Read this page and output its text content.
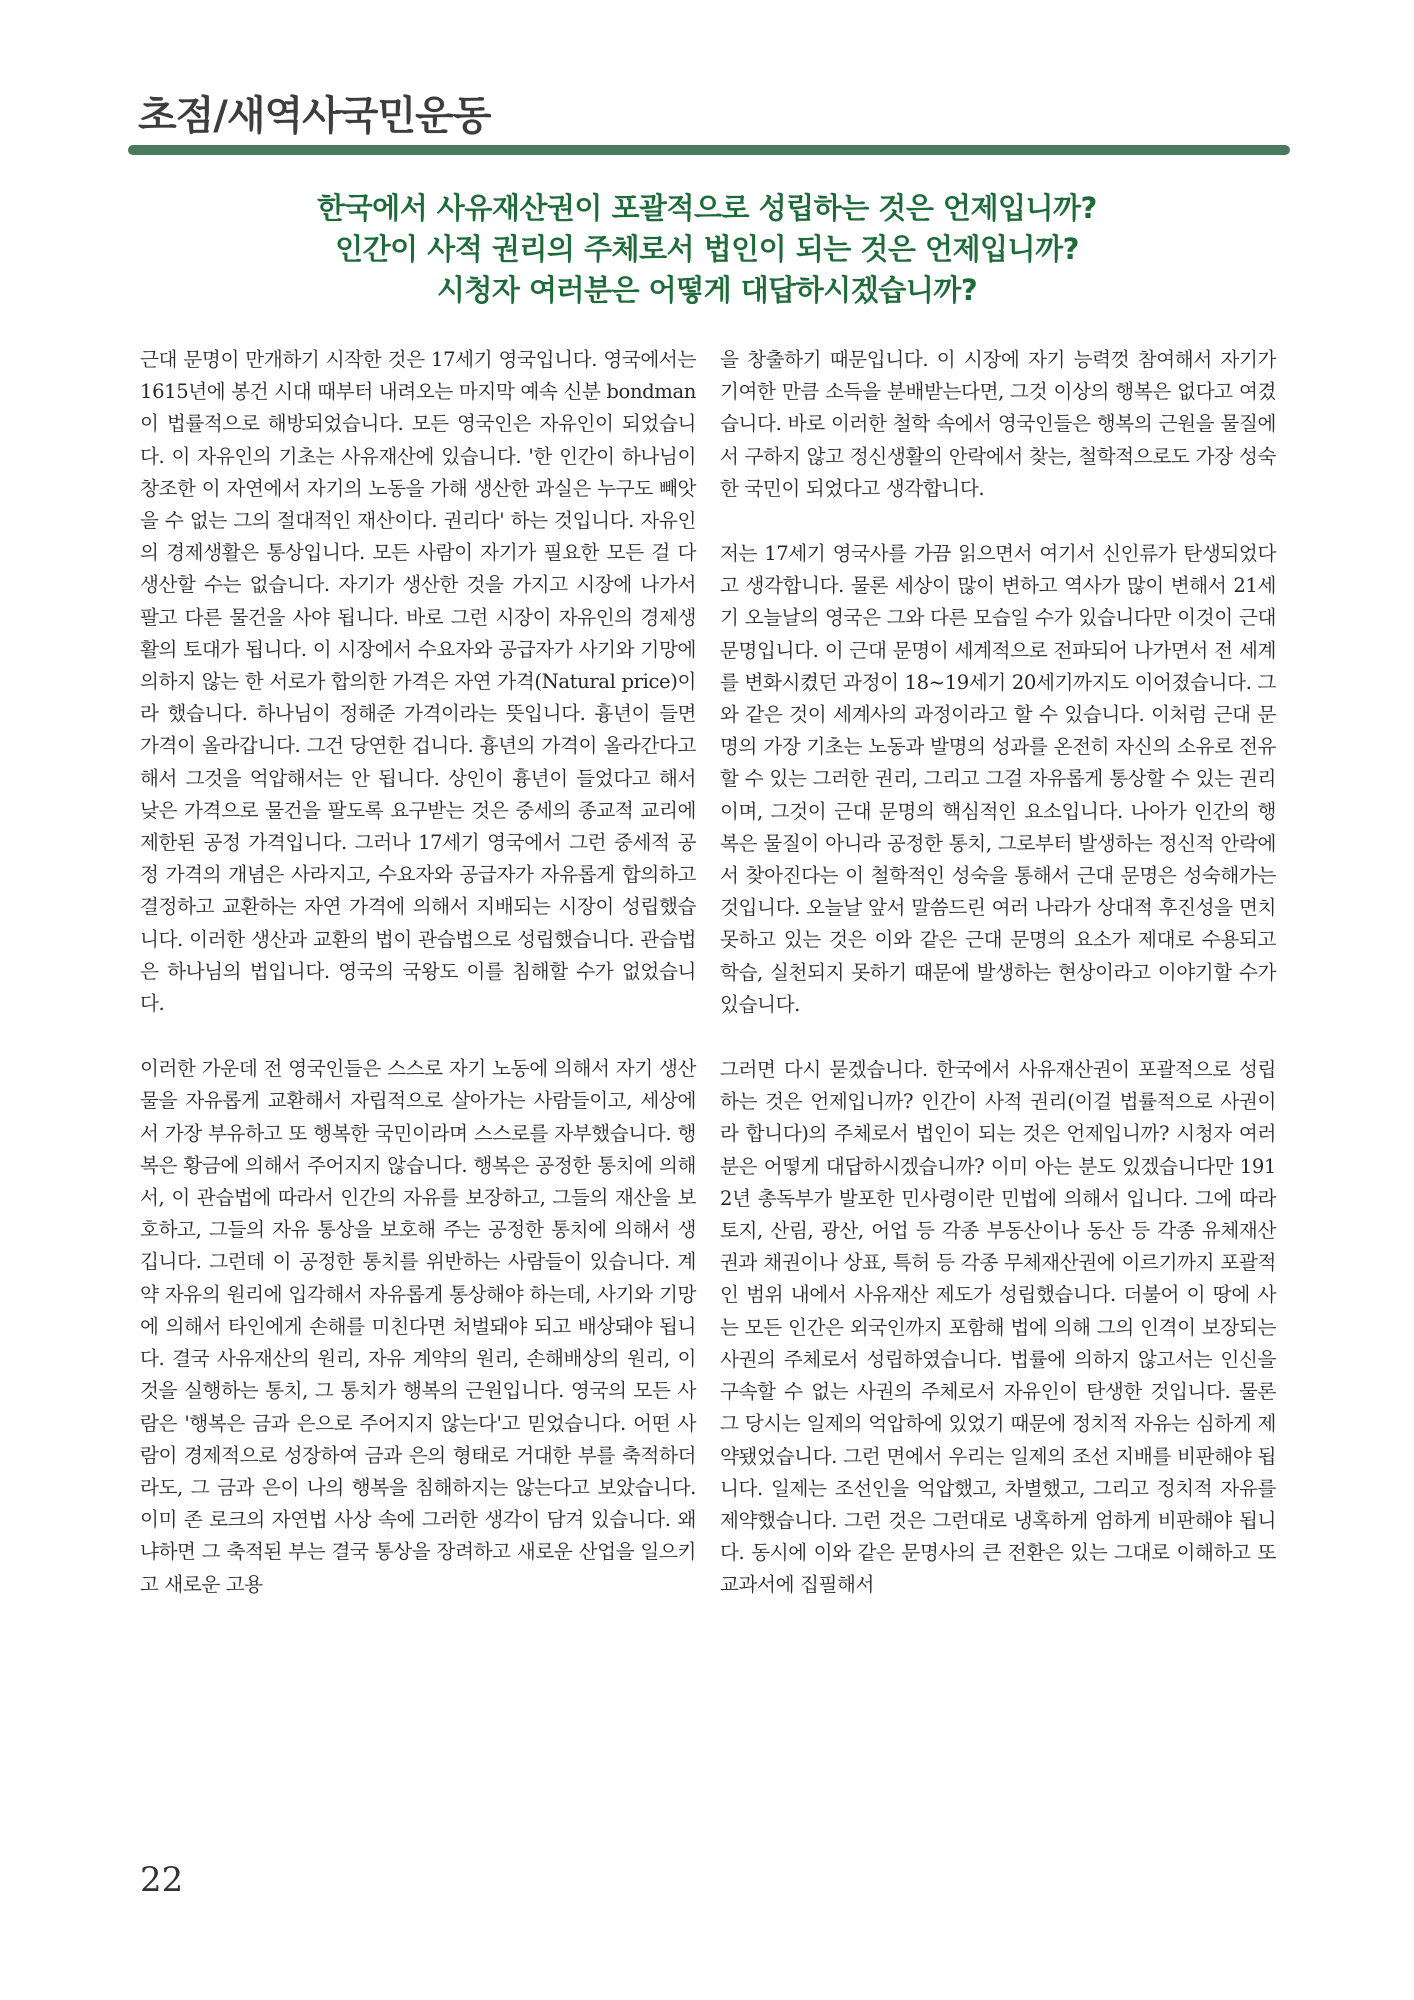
초점/새역사국민운동
한국에서 사유재산권이 포괄적으로 성립하는 것은 언제입니까?
인간이 사적 권리의 주체로서 법인이 되는 것은 언제입니까?
시청자 여러분은 어떻게 대답하시겠습니까?

근대 문명이 만개하기 시작한 것은 17세기 영국입니다. 영국에서는 1615년에 봉건 시대 때부터 내려오는 마지막 예속 신분 bondman이 법률적으로 해방되었습니다. 모든 영국인은 자유인이 되었습니다. 이 자유인의 기초는 사유재산에 있습니다. '한 인간이 하나님이 창조한 이 자연에서 자기의 노동을 가해 생산한 과실은 누구도 빼앗을 수 없는 그의 절대적인 재산이다. 권리다' 하는 것입니다. 자유인의 경제생활은 통상입니다. 모든 사람이 자기가 필요한 모든 걸 다 생산할 수는 없습니다. 자기가 생산한 것을 가지고 시장에 나가서 팔고 다른 물건을 사야 됩니다. 바로 그런 시장이 자유인의 경제생활의 토대가 됩니다. 이 시장에서 수요자와 공급자가 사기와 기망에 의하지 않는 한 서로가 합의한 가격은 자연 가격(Natural price)이라 했습니다. 하나님이 정해준 가격이라는 뜻입니다. 흉년이 들면 가격이 올라갑니다. 그건 당연한 겁니다. 흉년의 가격이 올라간다고 해서 그것을 억압해서는 안 됩니다. 상인이 흉년이 들었다고 해서 낮은 가격으로 물건을 팔도록 요구받는 것은 중세의 종교적 교리에 제한된 공정 가격입니다. 그러나 17세기 영국에서 그런 중세적 공정 가격의 개념은 사라지고, 수요자와 공급자가 자유롭게 합의하고 결정하고 교환하는 자연 가격에 의해서 지배되는 시장이 성립했습니다. 이러한 생산과 교환의 법이 관습법으로 성립했습니다. 관습법은 하나님의 법입니다. 영국의 국왕도 이를 침해할 수가 없었습니다.

이러한 가운데 전 영국인들은 스스로 자기 노동에 의해서 자기 생산물을 자유롭게 교환해서 자립적으로 살아가는 사람들이고, 세상에서 가장 부유하고 또 행복한 국민이라며 스스로를 자부했습니다. 행복은 황금에 의해서 주어지지 않습니다. 행복은 공정한 통치에 의해서, 이 관습법에 따라서 인간의 자유를 보장하고, 그들의 재산을 보호하고, 그들의 자유 통상을 보호해 주는 공정한 통치에 의해서 생깁니다. 그런데 이 공정한 통치를 위반하는 사람들이 있습니다. 계약 자유의 원리에 입각해서 자유롭게 통상해야 하는데, 사기와 기망에 의해서 타인에게 손해를 미친다면 처벌돼야 되고 배상돼야 됩니다. 결국 사유재산의 원리, 자유 계약의 원리, 손해배상의 원리, 이것을 실행하는 통치, 그 통치가 행복의 근원입니다. 영국의 모든 사람은 '행복은 금과 은으로 주어지지 않는다'고 믿었습니다. 어떤 사람이 경제적으로 성장하여 금과 은의 형태로 거대한 부를 축적하더라도, 그 금과 은이 나의 행복을 침해하지는 않는다고 보았습니다. 이미 존 로크의 자연법 사상 속에 그러한 생각이 담겨 있습니다. 왜냐하면 그 축적된 부는 결국 통상을 장려하고 새로운 산업을 일으키고 새로운 고용

을 창출하기 때문입니다. 이 시장에 자기 능력껏 참여해서 자기가 기여한 만큼 소득을 분배받는다면, 그것 이상의 행복은 없다고 여겼습니다. 바로 이러한 철학 속에서 영국인들은 행복의 근원을 물질에서 구하지 않고 정신생활의 안락에서 찾는, 철학적으로도 가장 성숙한 국민이 되었다고 생각합니다.

저는 17세기 영국사를 가끔 읽으면서 여기서 신인류가 탄생되었다고 생각합니다. 물론 세상이 많이 변하고 역사가 많이 변해서 21세기 오늘날의 영국은 그와 다른 모습일 수가 있습니다만 이것이 근대 문명입니다. 이 근대 문명이 세계적으로 전파되어 나가면서 전 세계를 변화시켰던 과정이 18~19세기 20세기까지도 이어졌습니다. 그와 같은 것이 세계사의 과정이라고 할 수 있습니다. 이처럼 근대 문명의 가장 기초는 노동과 발명의 성과를 온전히 자신의 소유로 전유할 수 있는 그러한 권리, 그리고 그걸 자유롭게 통상할 수 있는 권리이며, 그것이 근대 문명의 핵심적인 요소입니다. 나아가 인간의 행복은 물질이 아니라 공정한 통치, 그로부터 발생하는 정신적 안락에서 찾아진다는 이 철학적인 성숙을 통해서 근대 문명은 성숙해가는 것입니다. 오늘날 앞서 말씀드린 여러 나라가 상대적 후진성을 면치 못하고 있는 것은 이와 같은 근대 문명의 요소가 제대로 수용되고 학습, 실천되지 못하기 때문에 발생하는 현상이라고 이야기할 수가 있습니다.

그러면 다시 묻겠습니다. 한국에서 사유재산권이 포괄적으로 성립하는 것은 언제입니까? 인간이 사적 권리(이걸 법률적으로 사권이라 합니다)의 주체로서 법인이 되는 것은 언제입니까? 시청자 여러분은 어떻게 대답하시겠습니까? 이미 아는 분도 있겠습니다만 1912년 총독부가 발포한 민사령이란 민법에 의해서 입니다. 그에 따라 토지, 산림, 광산, 어업 등 각종 부동산이나 동산 등 각종 유체재산권과 채권이나 상표, 특허 등 각종 무체재산권에 이르기까지 포괄적인 범위 내에서 사유재산 제도가 성립했습니다. 더불어 이 땅에 사는 모든 인간은 외국인까지 포함해 법에 의해 그의 인격이 보장되는 사권의 주체로서 성립하였습니다. 법률에 의하지 않고서는 인신을 구속할 수 없는 사권의 주체로서 자유인이 탄생한 것입니다. 물론 그 당시는 일제의 억압하에 있었기 때문에 정치적 자유는 심하게 제약됐었습니다. 그런 면에서 우리는 일제의 조선 지배를 비판해야 됩니다. 일제는 조선인을 억압했고, 차별했고, 그리고 정치적 자유를 제약했습니다. 그런 것은 그런대로 냉혹하게 엄하게 비판해야 됩니다. 동시에 이와 같은 문명사의 큰 전환은 있는 그대로 이해하고 또 교과서에 집필해서

22
